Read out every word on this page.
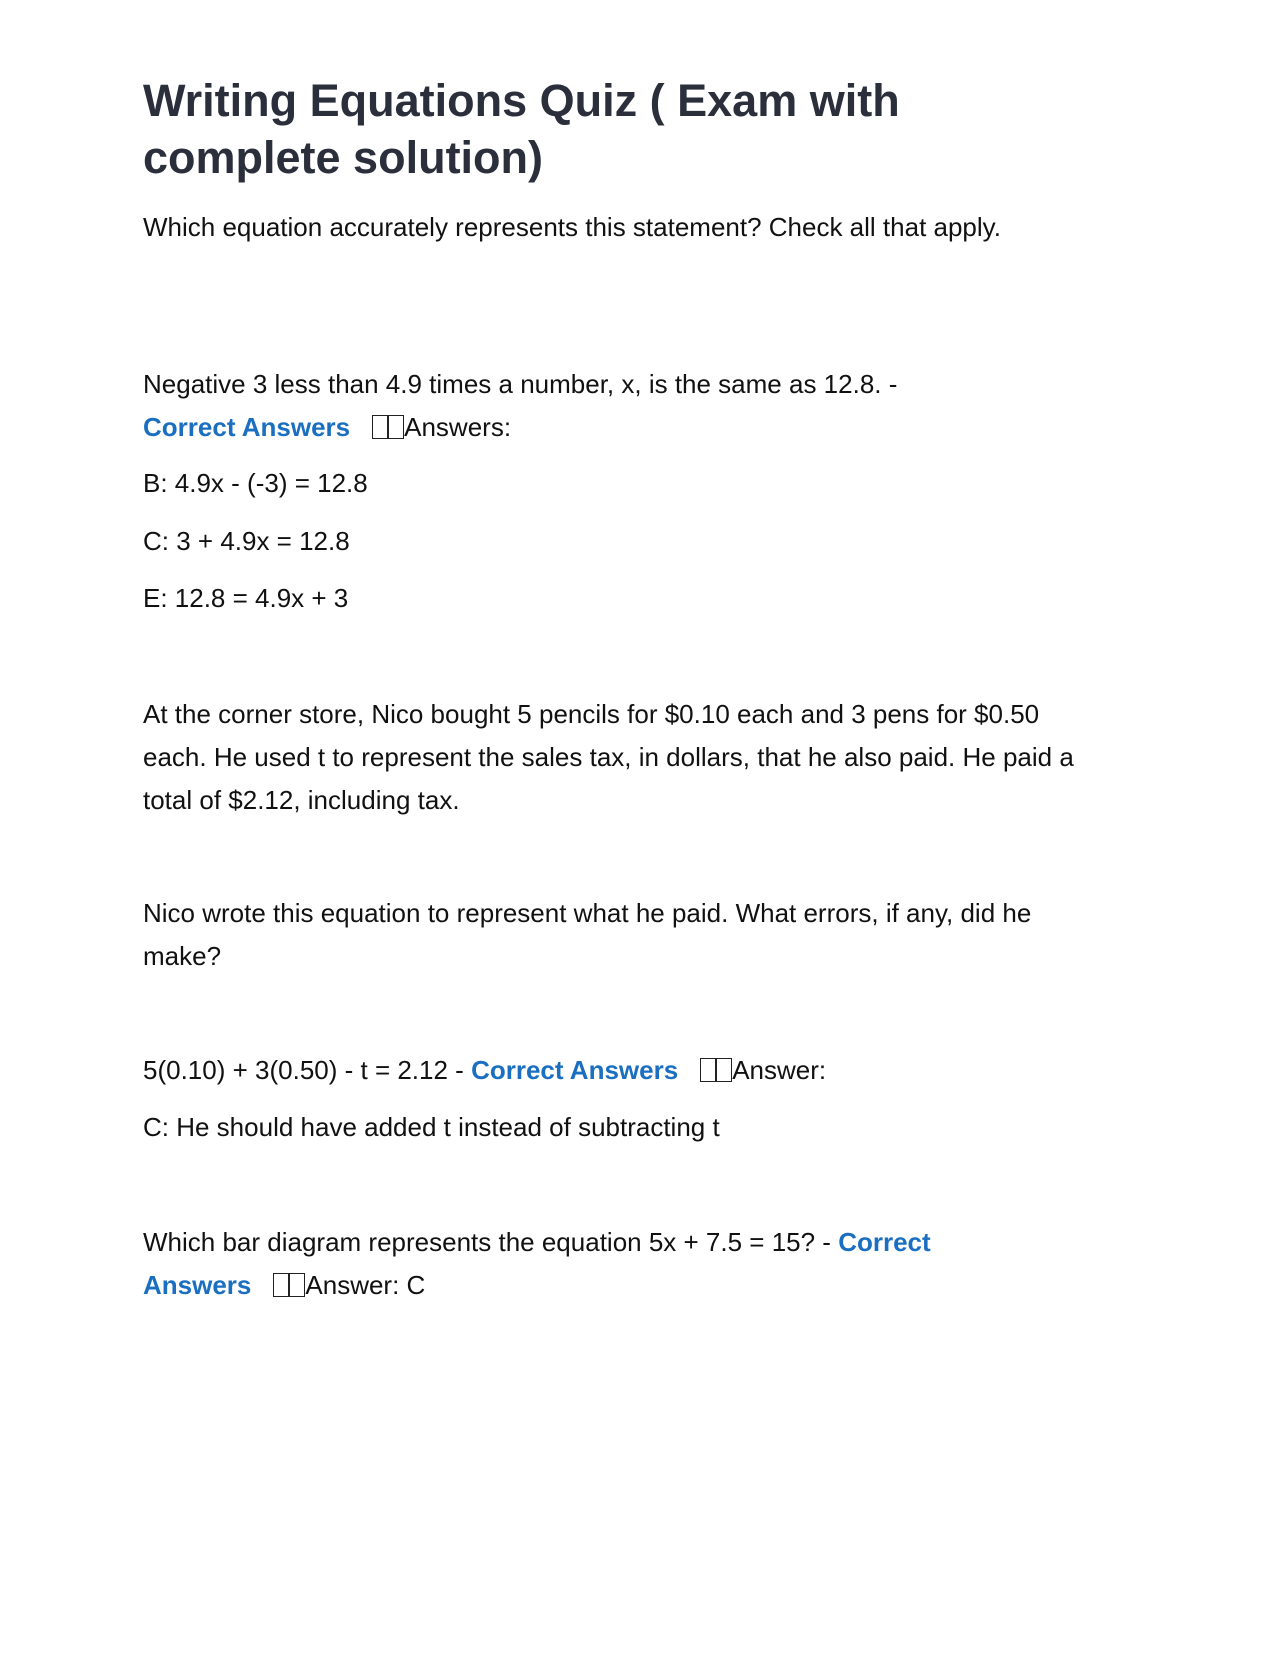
Writing Equations Quiz ( Exam with complete solution)

Which equation accurately represents this statement? Check all that apply.

Negative 3 less than 4.9 times a number, x, is the same as 12.8. -
Correct Answers Answers:

B: 4.9x - (-3) = 12.8

C: 3 + 4.9x = 12.8

E: 12.8 = 4.9x + 3

At the corner store, Nico bought 5 pencils for $0.10 each and 3 pens for $0.50 each. He used t to represent the sales tax, in dollars, that he also paid. He paid a total of $2.12, including tax.

Nico wrote this equation to represent what he paid. What errors, if any, did he make?

5(0.10) + 3(0.50) - t = 2.12 - Correct Answers Answer:

C: He should have added t instead of subtracting t

Which bar diagram represents the equation 5x + 7.5 = 15? - Correct Answers Answer: C
